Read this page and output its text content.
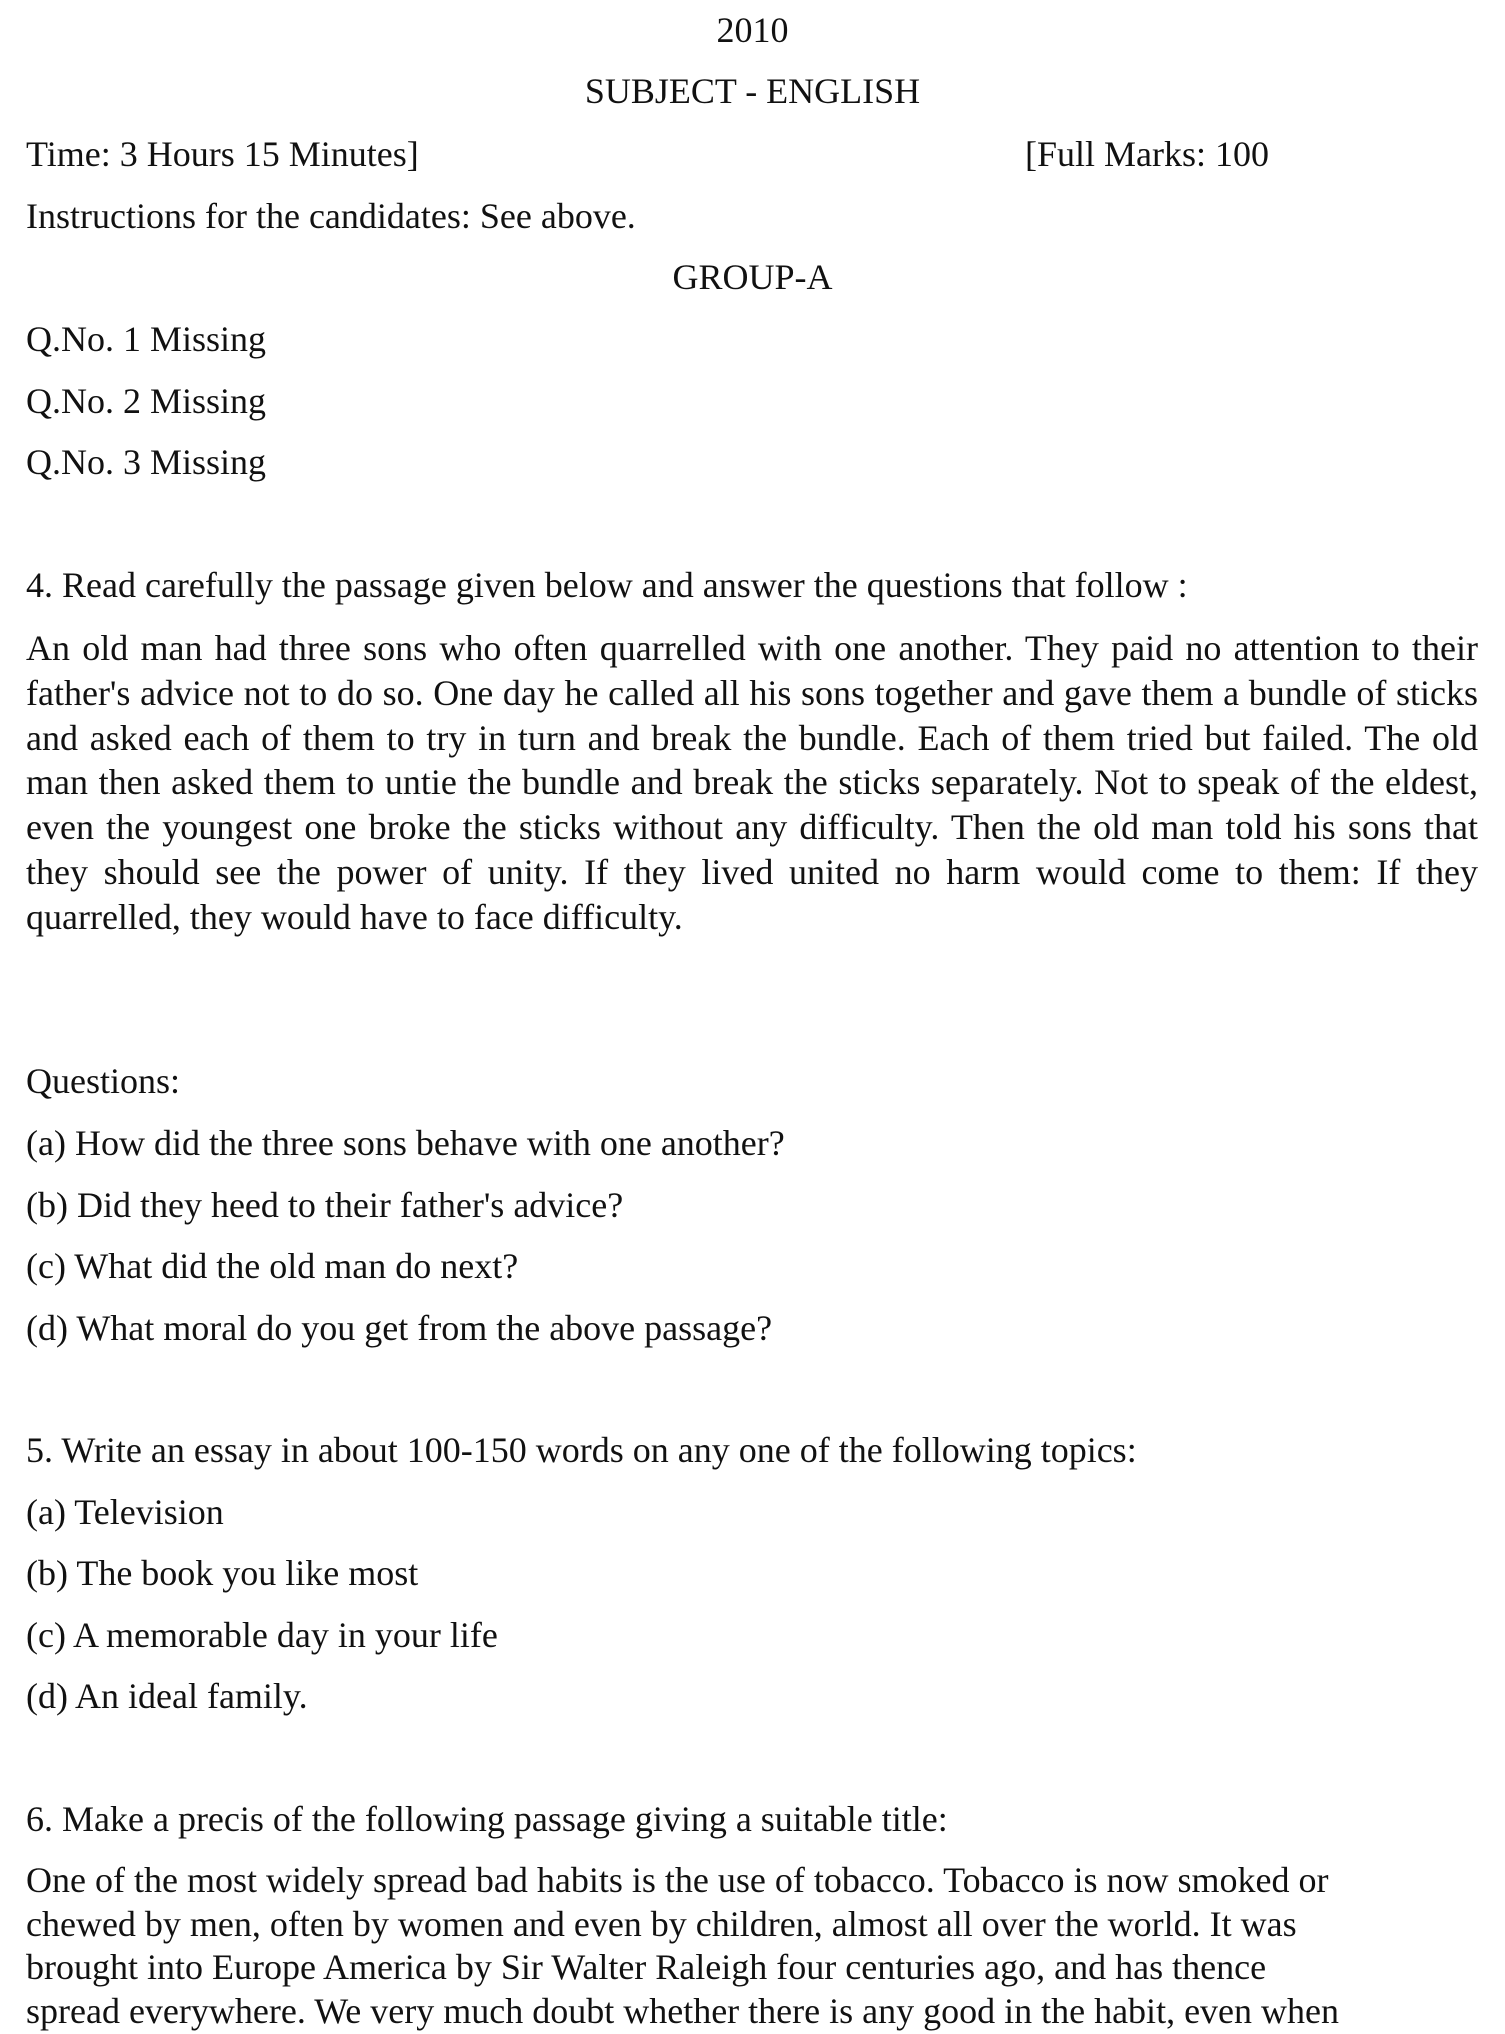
2010

SUBJECT - ENGLISH

Time: 3 Hours 15 Minutes]	[Full Marks: 100

Instructions for the candidates: See above.

GROUP-A

Q.No. 1 Missing

Q.No. 2 Missing

Q.No. 3 Missing

4. Read carefully the passage given below and answer the questions that follow :

An old man had three sons who often quarrelled with one another. They paid no attention to their father's advice not to do so. One day he called all his sons together and gave them a bundle of sticks and asked each of them to try in turn and break the bundle. Each of them tried but failed. The old man then asked them to untie the bundle and break the sticks separately. Not to speak of the eldest, even the youngest one broke the sticks without any difficulty. Then the old man told his sons that they should see the power of unity. If they lived united no harm would come to them: If they quarrelled, they would have to face difficulty.

Questions:

(a) How did the three sons behave with one another?

(b) Did they heed to their father's advice?

(c) What did the old man do next?

(d) What moral do you get from the above passage?

5. Write an essay in about 100-150 words on any one of the following topics:

(a) Television

(b) The book you like most

(c) A memorable day in your life

(d) An ideal family.

6. Make a precis of the following passage giving a suitable title:

One of the most widely spread bad habits is the use of tobacco. Tobacco is now smoked or
chewed by men, often by women and even by children, almost all over the world. It was
brought into Europe America by Sir Walter Raleigh four centuries ago, and has thence
spread everywhere. We very much doubt whether there is any good in the habit, even when
